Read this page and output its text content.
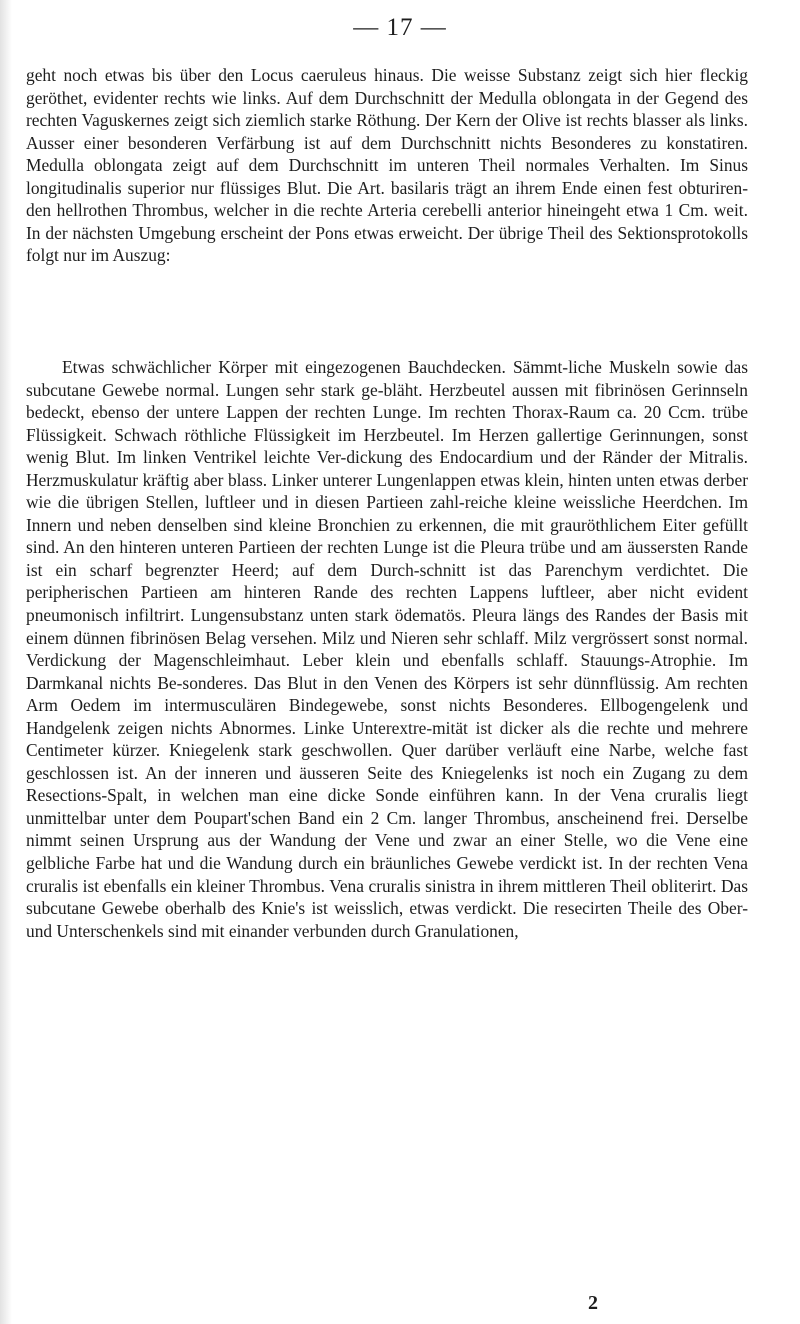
— 17 —

geht noch etwas bis über den Locus caeruleus hinaus. Die weisse Substanz zeigt sich hier fleckig geröthet, evidenter rechts wie links. Auf dem Durchschnitt der Medulla oblongata in der Gegend des rechten Vaguskernes zeigt sich ziemlich starke Röthung. Der Kern der Olive ist rechts blasser als links. Ausser einer besonderen Verfärbung ist auf dem Durchschnitt nichts Besonderes zu konstatiren. Medulla oblongata zeigt auf dem Durchschnitt im unteren Theil normales Verhalten. Im Sinus longitudinalis superior nur flüssiges Blut. Die Art. basilaris trägt an ihrem Ende einen fest obturiren-den hellrothen Thrombus, welcher in die rechte Arteria cerebelli anterior hineingeht etwa 1 Cm. weit. In der nächsten Umgebung erscheint der Pons etwas erweicht. Der übrige Theil des Sektionsprotokolls folgt nur im Auszug:

Etwas schwächlicher Körper mit eingezogenen Bauchdecken. Sämmt-liche Muskeln sowie das subcutane Gewebe normal. Lungen sehr stark ge-bläht. Herzbeutel aussen mit fibrinösen Gerinnseln bedeckt, ebenso der untere Lappen der rechten Lunge. Im rechten Thorax-Raum ca. 20 Ccm. trübe Flüssigkeit. Schwach röthliche Flüssigkeit im Herzbeutel. Im Herzen gallertige Gerinnungen, sonst wenig Blut. Im linken Ventrikel leichte Ver-dickung des Endocardium und der Ränder der Mitralis. Herzmuskulatur kräftig aber blass. Linker unterer Lungenlappen etwas klein, hinten unten etwas derber wie die übrigen Stellen, luftleer und in diesen Partieen zahl-reiche kleine weissliche Heerdchen. Im Innern und neben denselben sind kleine Bronchien zu erkennen, die mit grauröthlichem Eiter gefüllt sind. An den hinteren unteren Partieen der rechten Lunge ist die Pleura trübe und am äussersten Rande ist ein scharf begrenzter Heerd; auf dem Durch-schnitt ist das Parenchym verdichtet. Die peripherischen Partieen am hinteren Rande des rechten Lappens luftleer, aber nicht evident pneumonisch infiltrirt. Lungensubstanz unten stark ödematös. Pleura längs des Randes der Basis mit einem dünnen fibrinösen Belag versehen. Milz und Nieren sehr schlaff. Milz vergrössert sonst normal. Verdickung der Magenschleimhaut. Leber klein und ebenfalls schlaff. Stauungs-Atrophie. Im Darmkanal nichts Be-sonderes. Das Blut in den Venen des Körpers ist sehr dünnflüssig. Am rechten Arm Oedem im intermusculären Bindegewebe, sonst nichts Besonderes. Ellbogengelenk und Handgelenk zeigen nichts Abnormes. Linke Unterextre-mität ist dicker als die rechte und mehrere Centimeter kürzer. Kniegelenk stark geschwollen. Quer darüber verläuft eine Narbe, welche fast geschlossen ist. An der inneren und äusseren Seite des Kniegelenks ist noch ein Zugang zu dem Resections-Spalt, in welchen man eine dicke Sonde einführen kann. In der Vena cruralis liegt unmittelbar unter dem Poupart'schen Band ein 2 Cm. langer Thrombus, anscheinend frei. Derselbe nimmt seinen Ursprung aus der Wandung der Vene und zwar an einer Stelle, wo die Vene eine gelbliche Farbe hat und die Wandung durch ein bräunliches Gewebe verdickt ist. In der rechten Vena cruralis ist ebenfalls ein kleiner Thrombus. Vena cruralis sinistra in ihrem mittleren Theil obliterirt. Das subcutane Gewebe oberhalb des Knie's ist weisslich, etwas verdickt. Die resecirten Theile des Ober- und Unterschenkels sind mit einander verbunden durch Granulationen,

2
